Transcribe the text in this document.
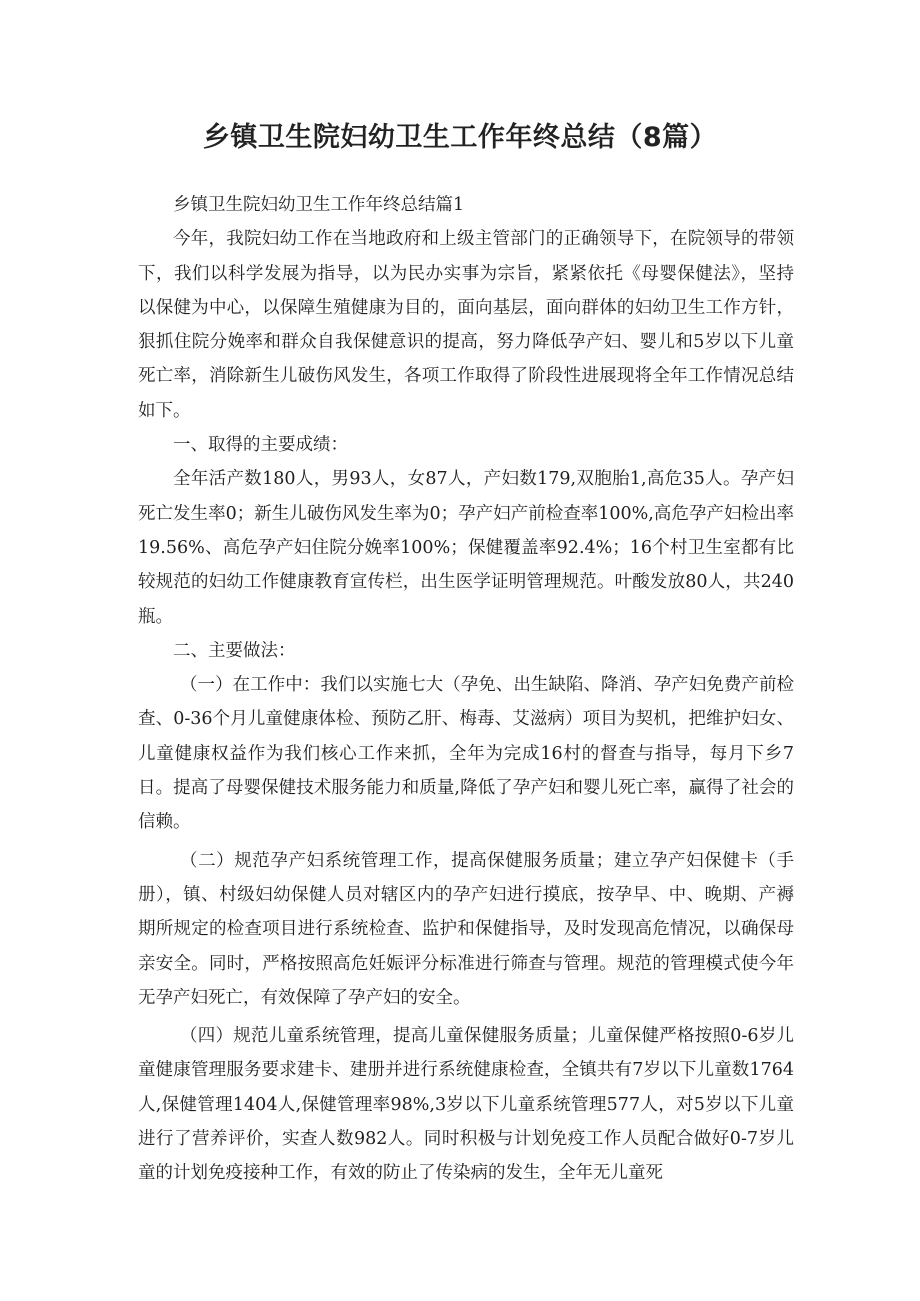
乡镇卫生院妇幼卫生工作年终总结（8篇）

乡镇卫生院妇幼卫生工作年终总结篇1

今年，我院妇幼工作在当地政府和上级主管部门的正确领导下，在院领导的带领下，我们以科学发展为指导，以为民办实事为宗旨，紧紧依托《母婴保健法》，坚持以保健为中心，以保障生殖健康为目的，面向基层，面向群体的妇幼卫生工作方针，狠抓住院分娩率和群众自我保健意识的提高，努力降低孕产妇、婴儿和5岁以下儿童死亡率，消除新生儿破伤风发生，各项工作取得了阶段性进展现将全年工作情况总结如下。

一、取得的主要成绩：

全年活产数180人，男93人，女87人，产妇数179,双胞胎1,高危35人。孕产妇死亡发生率0；新生儿破伤风发生率为0；孕产妇产前检查率100%,高危孕产妇检出率19.56%、高危孕产妇住院分娩率100%；保健覆盖率92.4%；16个村卫生室都有比较规范的妇幼工作健康教育宣传栏，出生医学证明管理规范。叶酸发放80人，共240瓶。

二、主要做法：

（一）在工作中：我们以实施七大（孕免、出生缺陷、降消、孕产妇免费产前检查、0-36个月儿童健康体检、预防乙肝、梅毒、艾滋病）项目为契机，把维护妇女、儿童健康权益作为我们核心工作来抓，全年为完成16村的督查与指导，每月下乡7日。提高了母婴保健技术服务能力和质量,降低了孕产妇和婴儿死亡率，赢得了社会的信赖。

（二）规范孕产妇系统管理工作，提高保健服务质量；建立孕产妇保健卡（手册），镇、村级妇幼保健人员对辖区内的孕产妇进行摸底，按孕早、中、晚期、产褥期所规定的检查项目进行系统检查、监护和保健指导，及时发现高危情况，以确保母亲安全。同时，严格按照高危妊娠评分标准进行筛查与管理。规范的管理模式使今年无孕产妇死亡，有效保障了孕产妇的安全。

（四）规范儿童系统管理，提高儿童保健服务质量；儿童保健严格按照0-6岁儿童健康管理服务要求建卡、建册并进行系统健康检查，全镇共有7岁以下儿童数1764人,保健管理1404人,保健管理率98%,3岁以下儿童系统管理577人，对5岁以下儿童进行了营养评价，实查人数982人。同时积极与计划免疫工作人员配合做好0-7岁儿童的计划免疫接种工作，有效的防止了传染病的发生，全年无儿童死
